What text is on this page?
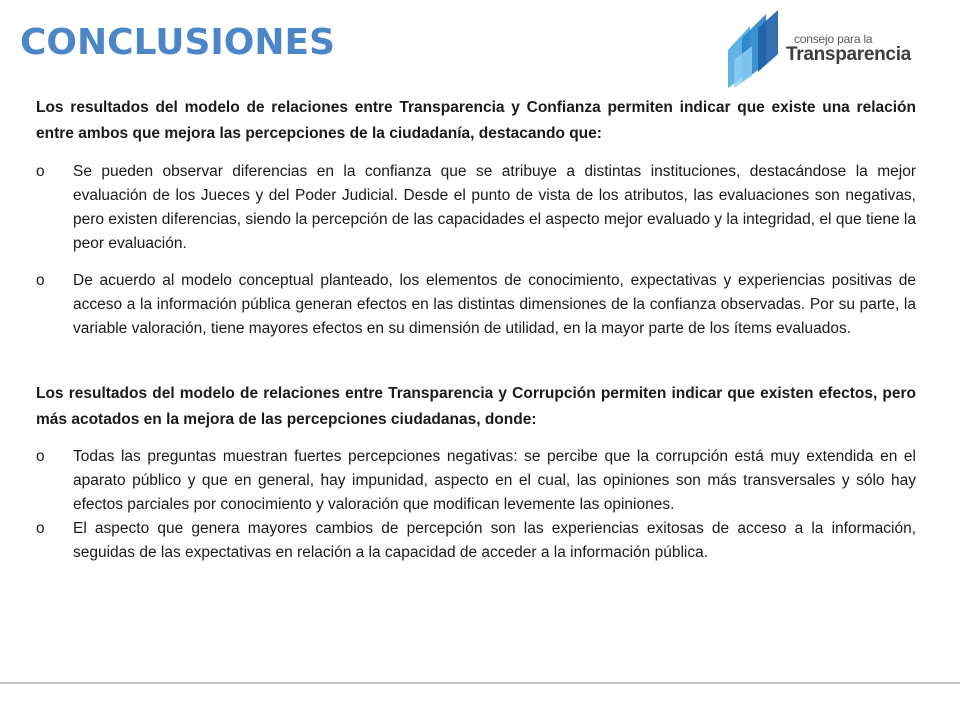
CONCLUSIONES	consejo para la
Transparencia

Los resultados del modelo de relaciones entre Transparencia y Confianza permiten indicar que existe una relación entre ambos que mejora las percepciones de la ciudadanía, destacando que:

o Se pueden observar diferencias en la confianza que se atribuye a distintas instituciones, destacándose la mejor evaluación de los Jueces y del Poder Judicial. Desde el punto de vista de los atributos, las evaluaciones son negativas, pero existen diferencias, siendo la percepción de las capacidades el aspecto mejor evaluado y la integridad, el que tiene la peor evaluación.
o De acuerdo al modelo conceptual planteado, los elementos de conocimiento, expectativas y experiencias positivas de acceso a la información pública generan efectos en las distintas dimensiones de la confianza observadas. Por su parte, la variable valoración, tiene mayores efectos en su dimensión de utilidad, en la mayor parte de los ítems evaluados.

Los resultados del modelo de relaciones entre Transparencia y Corrupción permiten indicar que existen efectos, pero más acotados en la mejora de las percepciones ciudadanas, donde:

o Todas las preguntas muestran fuertes percepciones negativas: se percibe que la corrupción está muy extendida en el aparato público y que en general, hay impunidad, aspecto en el cual, las opiniones son más transversales y sólo hay efectos parciales por conocimiento y valoración que modifican levemente las opiniones.
o El aspecto que genera mayores cambios de percepción son las experiencias exitosas de acceso a la información, seguidas de las expectativas en relación a la capacidad de acceder a la información pública.
